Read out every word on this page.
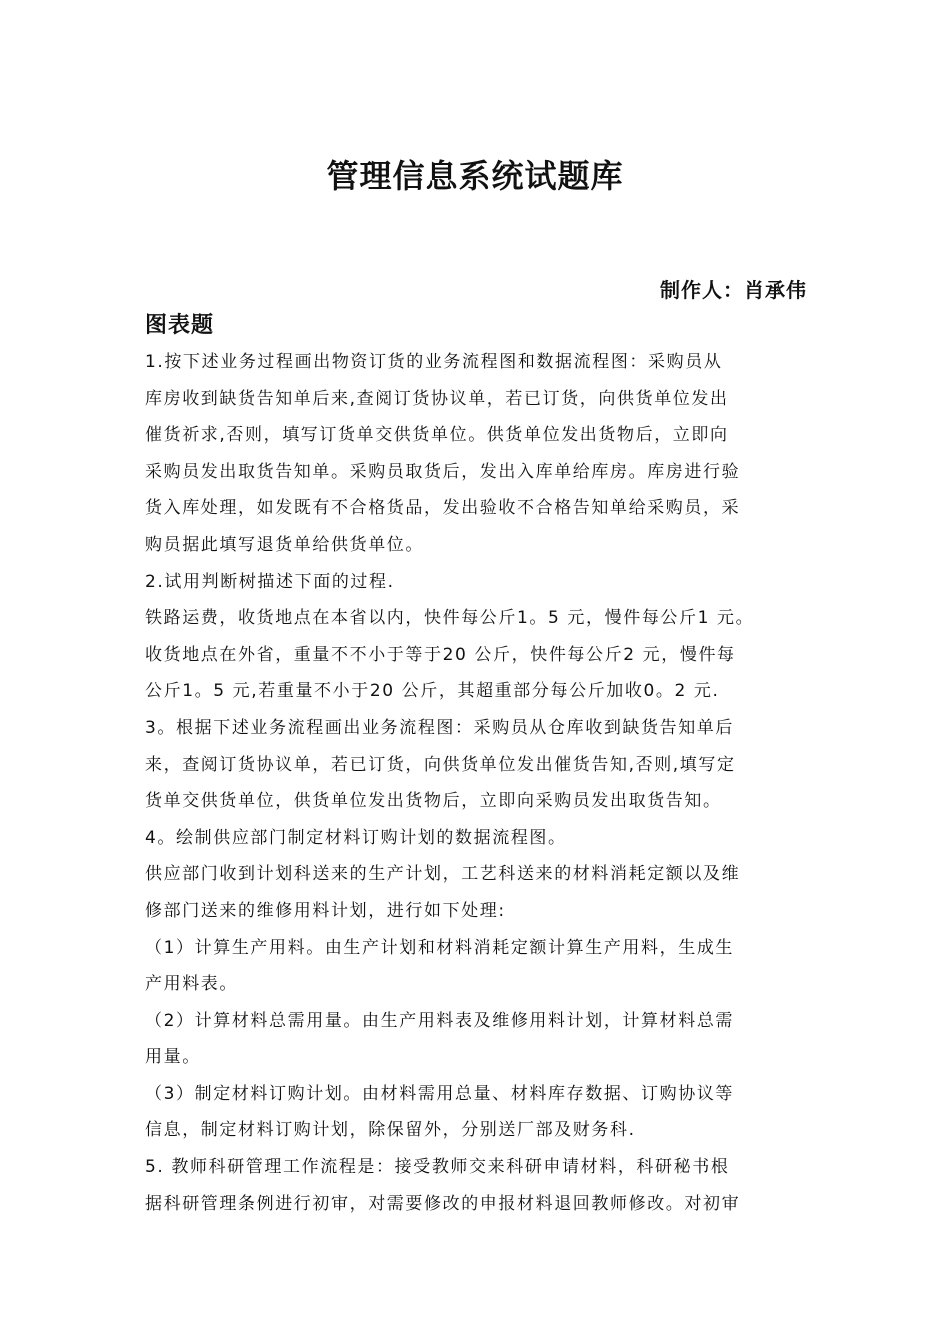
管理信息系统试题库
制作人：肖承伟
图表题
1.按下述业务过程画出物资订货的业务流程图和数据流程图：采购员从
库房收到缺货告知单后来,查阅订货协议单，若已订货，向供货单位发出
催货祈求,否则，填写订货单交供货单位。供货单位发出货物后，立即向
采购员发出取货告知单。采购员取货后，发出入库单给库房。库房进行验
货入库处理，如发既有不合格货品，发出验收不合格告知单给采购员，采
购员据此填写退货单给供货单位。
2.试用判断树描述下面的过程.
铁路运费，收货地点在本省以内，快件每公斤1。5 元，慢件每公斤1 元。
收货地点在外省，重量不不小于等于20 公斤，快件每公斤2 元，慢件每
公斤1。5 元,若重量不小于20 公斤，其超重部分每公斤加收0。2 元.
3。根据下述业务流程画出业务流程图：采购员从仓库收到缺货告知单后
来，查阅订货协议单，若已订货，向供货单位发出催货告知,否则,填写定
货单交供货单位，供货单位发出货物后，立即向采购员发出取货告知。
4。绘制供应部门制定材料订购计划的数据流程图。
供应部门收到计划科送来的生产计划，工艺科送来的材料消耗定额以及维
修部门送来的维修用料计划，进行如下处理:
（1）计算生产用料。由生产计划和材料消耗定额计算生产用料，生成生
产用料表。
（2）计算材料总需用量。由生产用料表及维修用料计划，计算材料总需
用量。
（3）制定材料订购计划。由材料需用总量、材料库存数据、订购协议等
信息，制定材料订购计划，除保留外，分别送厂部及财务科.
5. 教师科研管理工作流程是：接受教师交来科研申请材料，科研秘书根
据科研管理条例进行初审，对需要修改的申报材料退回教师修改。对初审
